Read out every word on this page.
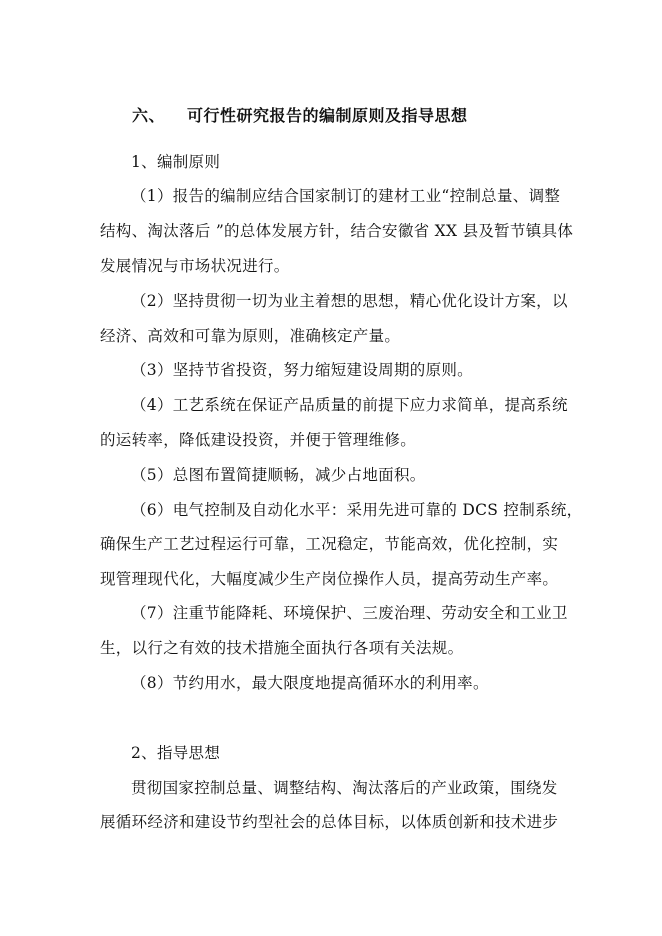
六、 可行性研究报告的编制原则及指导思想
1、编制原则
（1）报告的编制应结合国家制订的建材工业“控制总量、调整
结构、淘汰落后 ”的总体发展方针，结合安徽省 XX 县及暂节镇具体
发展情况与市场状况进行。
（2）坚持贯彻一切为业主着想的思想，精心优化设计方案，以
经济、高效和可靠为原则，准确核定产量。
（3）坚持节省投资，努力缩短建设周期的原则。
（4）工艺系统在保证产品质量的前提下应力求简单，提高系统
的运转率，降低建设投资，并便于管理维修。
（5）总图布置简捷顺畅，减少占地面积。
（6）电气控制及自动化水平：采用先进可靠的 DCS 控制系统，
确保生产工艺过程运行可靠，工况稳定，节能高效，优化控制，实
现管理现代化，大幅度减少生产岗位操作人员，提高劳动生产率。
（7）注重节能降耗、环境保护、三废治理、劳动安全和工业卫
生，以行之有效的技术措施全面执行各项有关法规。
（8）节约用水，最大限度地提高循环水的利用率。
2、指导思想
贯彻国家控制总量、调整结构、淘汰落后的产业政策，围绕发
展循环经济和建设节约型社会的总体目标，以体质创新和技术进步
